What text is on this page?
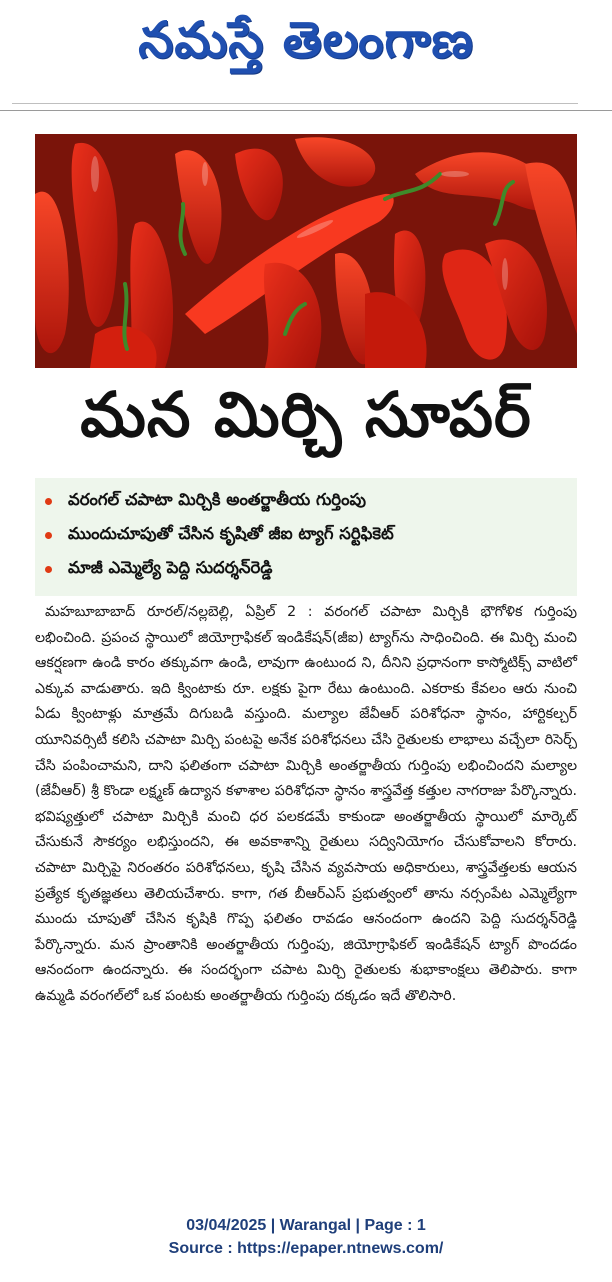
నమస్తే తెలంగాణ
మన మిర్చి సూపర్
వరంగల్ చపాటా మిర్చికి అంతర్జాతీయ గుర్తింపు
ముందుచూపుతో చేసిన కృషితో జీఐ ట్యాగ్ సర్టిఫికెట్
మాజీ ఎమ్మెల్యే పెద్ది సుదర్శన్‌రెడ్డి

మహబూబాబాద్ రూరల్/నల్లబెల్లి, ఏప్రిల్ 2 : వరంగల్ చపాటా మిర్చికి భౌగోళిక గుర్తింపు లభించింది. ప్రపంచ స్థాయిలో జియోగ్రాఫికల్ ఇండికేషన్(జీఐ) ట్యాగ్‌ను సాధించింది. ఈ మిర్చి మంచి ఆకర్షణగా ఉండి కారం తక్కువగా ఉండి, లావుగా ఉంటుంద ని, దీనిని ప్రధానంగా కాస్మోటిక్స్ వాటిలో ఎక్కువ వాడుతారు. ఇది క్వింటాకు రూ. లక్షకు పైగా రేటు ఉంటుంది. ఎకరాకు కేవలం ఆరు నుంచి ఏడు క్వింటాళ్లు మాత్రమే దిగుబడి వస్తుంది. మల్యాల జేవీఆర్ పరిశోధనా స్థానం, హార్టికల్చర్ యూనివర్సిటీ కలిసి చపాటా మిర్చి పంటపై అనేక పరిశోధనలు చేసి రైతులకు లాభాలు వచ్చేలా రిసెర్చ్ చేసి పంపించామని, దాని ఫలితంగా చపాటా మిర్చికి అంతర్జాతీయ గుర్తింపు లభించిందని మల్యాల (జేవీఆర్) శ్రీ కొండా లక్ష్మణ్ ఉద్యాన కళాశాల పరిశోధనా స్థానం శాస్త్రవేత్త కత్తుల నాగరాజు పేర్కొన్నారు. భవిష్యత్తులో చపాటా మిర్చికి మంచి ధర పలకడమే కాకుండా అంతర్జాతీయ స్థాయిలో మార్కెట్ చేసుకునే సౌకర్యం లభిస్తుందని, ఈ అవకాశాన్ని రైతులు సద్వినియోగం చేసుకోవాలని కోరారు. చపాటా మిర్చిపై నిరంతరం పరిశోధనలు, కృషి చేసిన వ్యవసాయ అధికారులు, శాస్త్రవేత్తలకు ఆయన ప్రత్యేక కృతజ్ఞతలు తెలియచేశారు. కాగా, గత బీఆర్ఎస్ ప్రభుత్వంలో తాను నర్సంపేట ఎమ్మెల్యేగా ముందు చూపుతో చేసిన కృషికి గొప్ప ఫలితం రావడం ఆనందంగా ఉందని పెద్ది సుదర్శన్‌రెడ్డి పేర్కొన్నారు. మన ప్రాంతానికి అంతర్జాతీయ గుర్తింపు, జియోగ్రాఫికల్ ఇండికేషన్ ట్యాగ్ పొందడం ఆనందంగా ఉందన్నారు. ఈ సందర్భంగా చపాట మిర్చి రైతులకు శుభాకాంక్షలు తెలిపారు. కాగా ఉమ్మడి వరంగల్‌లో ఒక పంటకు అంతర్జాతీయ గుర్తింపు దక్కడం ఇదే తొలిసారి.

03/04/2025 | Warangal | Page : 1
Source : https://epaper.ntnews.com/
